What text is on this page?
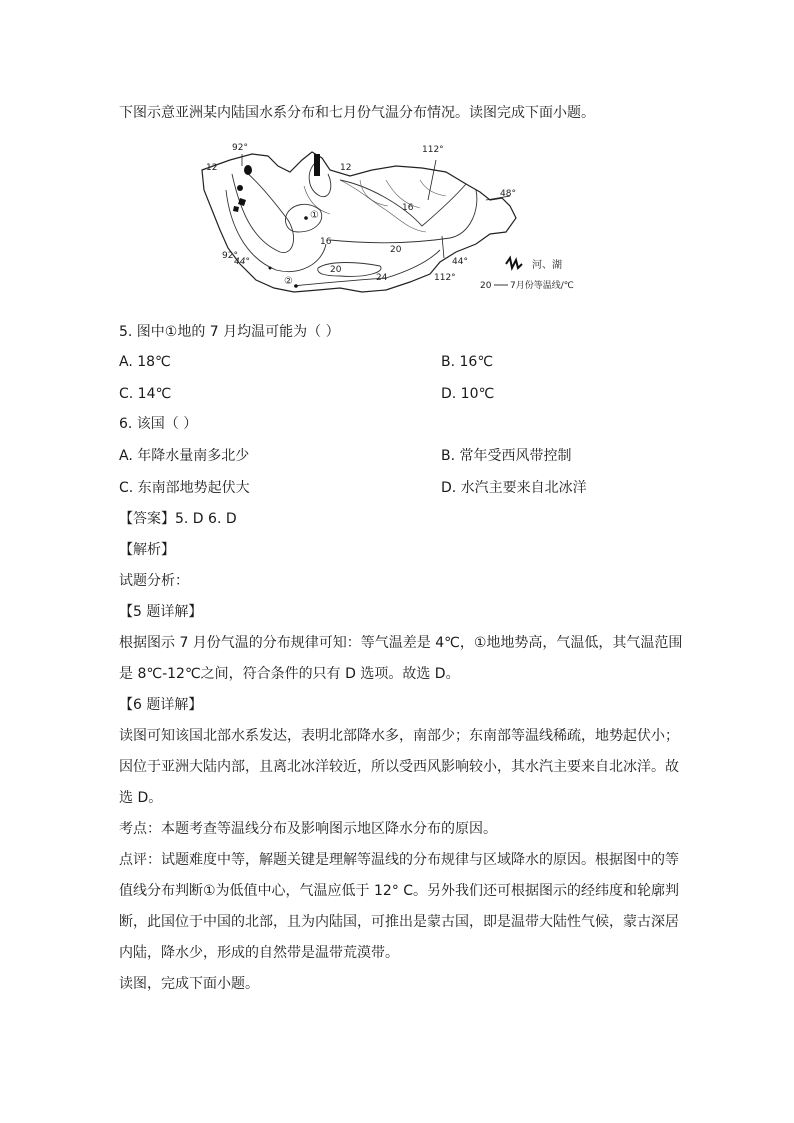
下图示意亚洲某内陆国水系分布和七月份气温分布情况。读图完成下面小题。
92°	112°
92°
112°
48°
44°	44°
12	12
16
16
20
20
24
①
②
河、湖
20 7月份等温线/℃
5. 图中①地的 7 月均温可能为（ ）
A. 18℃	B. 16℃
C. 14℃	D. 10℃
6. 该国（ ）
A. 年降水量南多北少	B. 常年受西风带控制
C. 东南部地势起伏大	D. 水汽主要来自北冰洋
【答案】5. D 6. D
【解析】
试题分析：
【5 题详解】
根据图示 7 月份气温的分布规律可知：等气温差是 4℃，①地地势高，气温低，其气温范围
是 8℃-12℃之间，符合条件的只有 D 选项。故选 D。
【6 题详解】
读图可知该国北部水系发达，表明北部降水多，南部少；东南部等温线稀疏，地势起伏小；
因位于亚洲大陆内部，且离北冰洋较近，所以受西风影响较小，其水汽主要来自北冰洋。故
选 D。
考点：本题考查等温线分布及影响图示地区降水分布的原因。
点评：试题难度中等，解题关键是理解等温线的分布规律与区域降水的原因。根据图中的等
值线分布判断①为低值中心，气温应低于 12° C。另外我们还可根据图示的经纬度和轮廓判
断，此国位于中国的北部，且为内陆国，可推出是蒙古国，即是温带大陆性气候，蒙古深居
内陆，降水少，形成的自然带是温带荒漠带。
读图，完成下面小题。
